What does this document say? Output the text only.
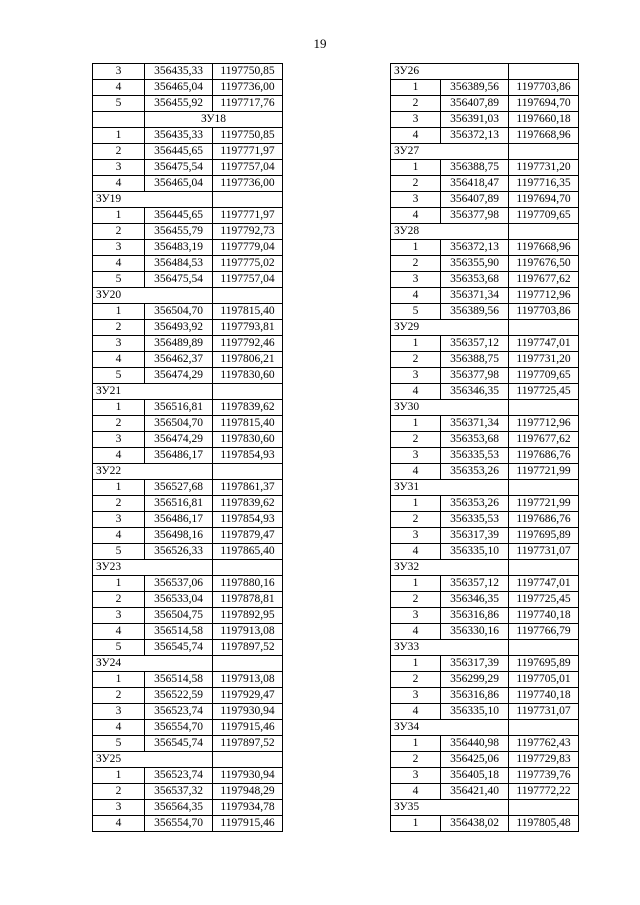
19
3	356435,33	1197750,85
4	356465,04	1197736,00
5	356455,92	1197717,76
	ЗУ18	
1	356435,33	1197750,85
2	356445,65	1197771,97
3	356475,54	1197757,04
4	356465,04	1197736,00
ЗУ19		
1	356445,65	1197771,97
2	356455,79	1197792,73
3	356483,19	1197779,04
4	356484,53	1197775,02
5	356475,54	1197757,04
ЗУ20		
1	356504,70	1197815,40
2	356493,92	1197793,81
3	356489,89	1197792,46
4	356462,37	1197806,21
5	356474,29	1197830,60
ЗУ21		
1	356516,81	1197839,62
2	356504,70	1197815,40
3	356474,29	1197830,60
4	356486,17	1197854,93
ЗУ22		
1	356527,68	1197861,37
2	356516,81	1197839,62
3	356486,17	1197854,93
4	356498,16	1197879,47
5	356526,33	1197865,40
ЗУ23		
1	356537,06	1197880,16
2	356533,04	1197878,81
3	356504,75	1197892,95
4	356514,58	1197913,08
5	356545,74	1197897,52
ЗУ24		
1	356514,58	1197913,08
2	356522,59	1197929,47
3	356523,74	1197930,94
4	356554,70	1197915,46
5	356545,74	1197897,52
ЗУ25		
1	356523,74	1197930,94
2	356537,32	1197948,29
3	356564,35	1197934,78
4	356554,70	1197915,46
ЗУ26		
1	356389,56	1197703,86
2	356407,89	1197694,70
3	356391,03	1197660,18
4	356372,13	1197668,96
ЗУ27		
1	356388,75	1197731,20
2	356418,47	1197716,35
3	356407,89	1197694,70
4	356377,98	1197709,65
ЗУ28		
1	356372,13	1197668,96
2	356355,90	1197676,50
3	356353,68	1197677,62
4	356371,34	1197712,96
5	356389,56	1197703,86
ЗУ29		
1	356357,12	1197747,01
2	356388,75	1197731,20
3	356377,98	1197709,65
4	356346,35	1197725,45
ЗУ30		
1	356371,34	1197712,96
2	356353,68	1197677,62
3	356335,53	1197686,76
4	356353,26	1197721,99
ЗУ31		
1	356353,26	1197721,99
2	356335,53	1197686,76
3	356317,39	1197695,89
4	356335,10	1197731,07
ЗУ32		
1	356357,12	1197747,01
2	356346,35	1197725,45
3	356316,86	1197740,18
4	356330,16	1197766,79
ЗУ33		
1	356317,39	1197695,89
2	356299,29	1197705,01
3	356316,86	1197740,18
4	356335,10	1197731,07
ЗУ34		
1	356440,98	1197762,43
2	356425,06	1197729,83
3	356405,18	1197739,76
4	356421,40	1197772,22
ЗУ35		
1	356438,02	1197805,48
